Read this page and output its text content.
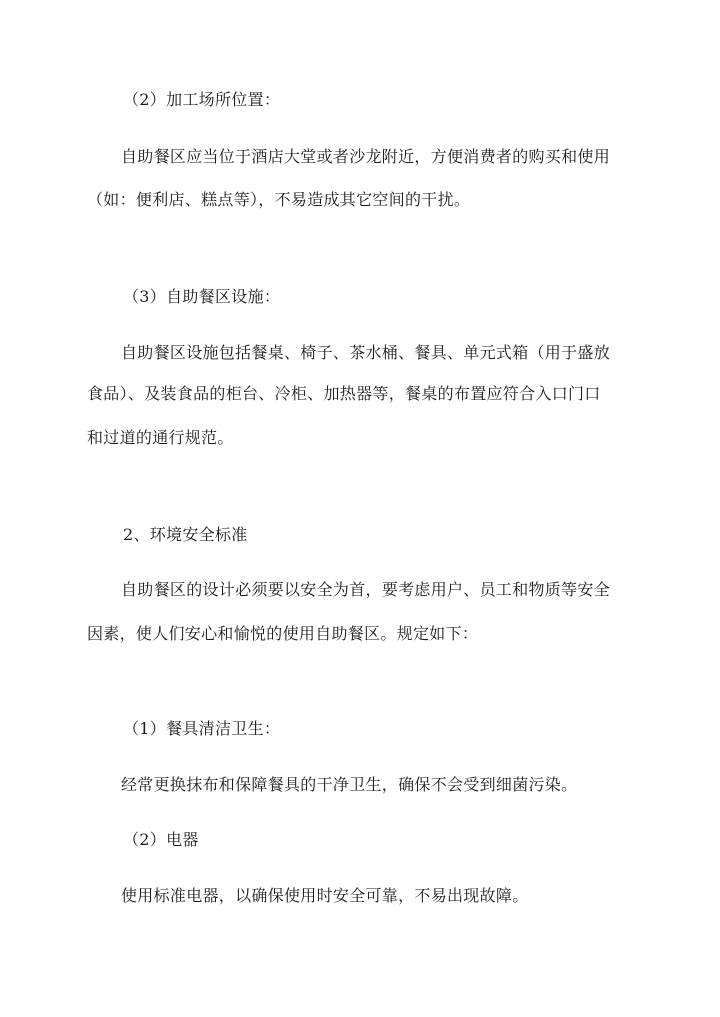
（2）加工场所位置：
自助餐区应当位于酒店大堂或者沙龙附近，方便消费者的购买和使用
（如：便利店、糕点等），不易造成其它空间的干扰。
（3）自助餐区设施：
自助餐区设施包括餐桌、椅子、茶水桶、餐具、单元式箱（用于盛放
食品）、及装食品的柜台、冷柜、加热器等，餐桌的布置应符合入口门口
和过道的通行规范。
2、环境安全标准
自助餐区的设计必须要以安全为首，要考虑用户、员工和物质等安全
因素，使人们安心和愉悦的使用自助餐区。规定如下：
（1）餐具清洁卫生：
经常更换抹布和保障餐具的干净卫生，确保不会受到细菌污染。
（2）电器
使用标准电器，以确保使用时安全可靠，不易出现故障。
